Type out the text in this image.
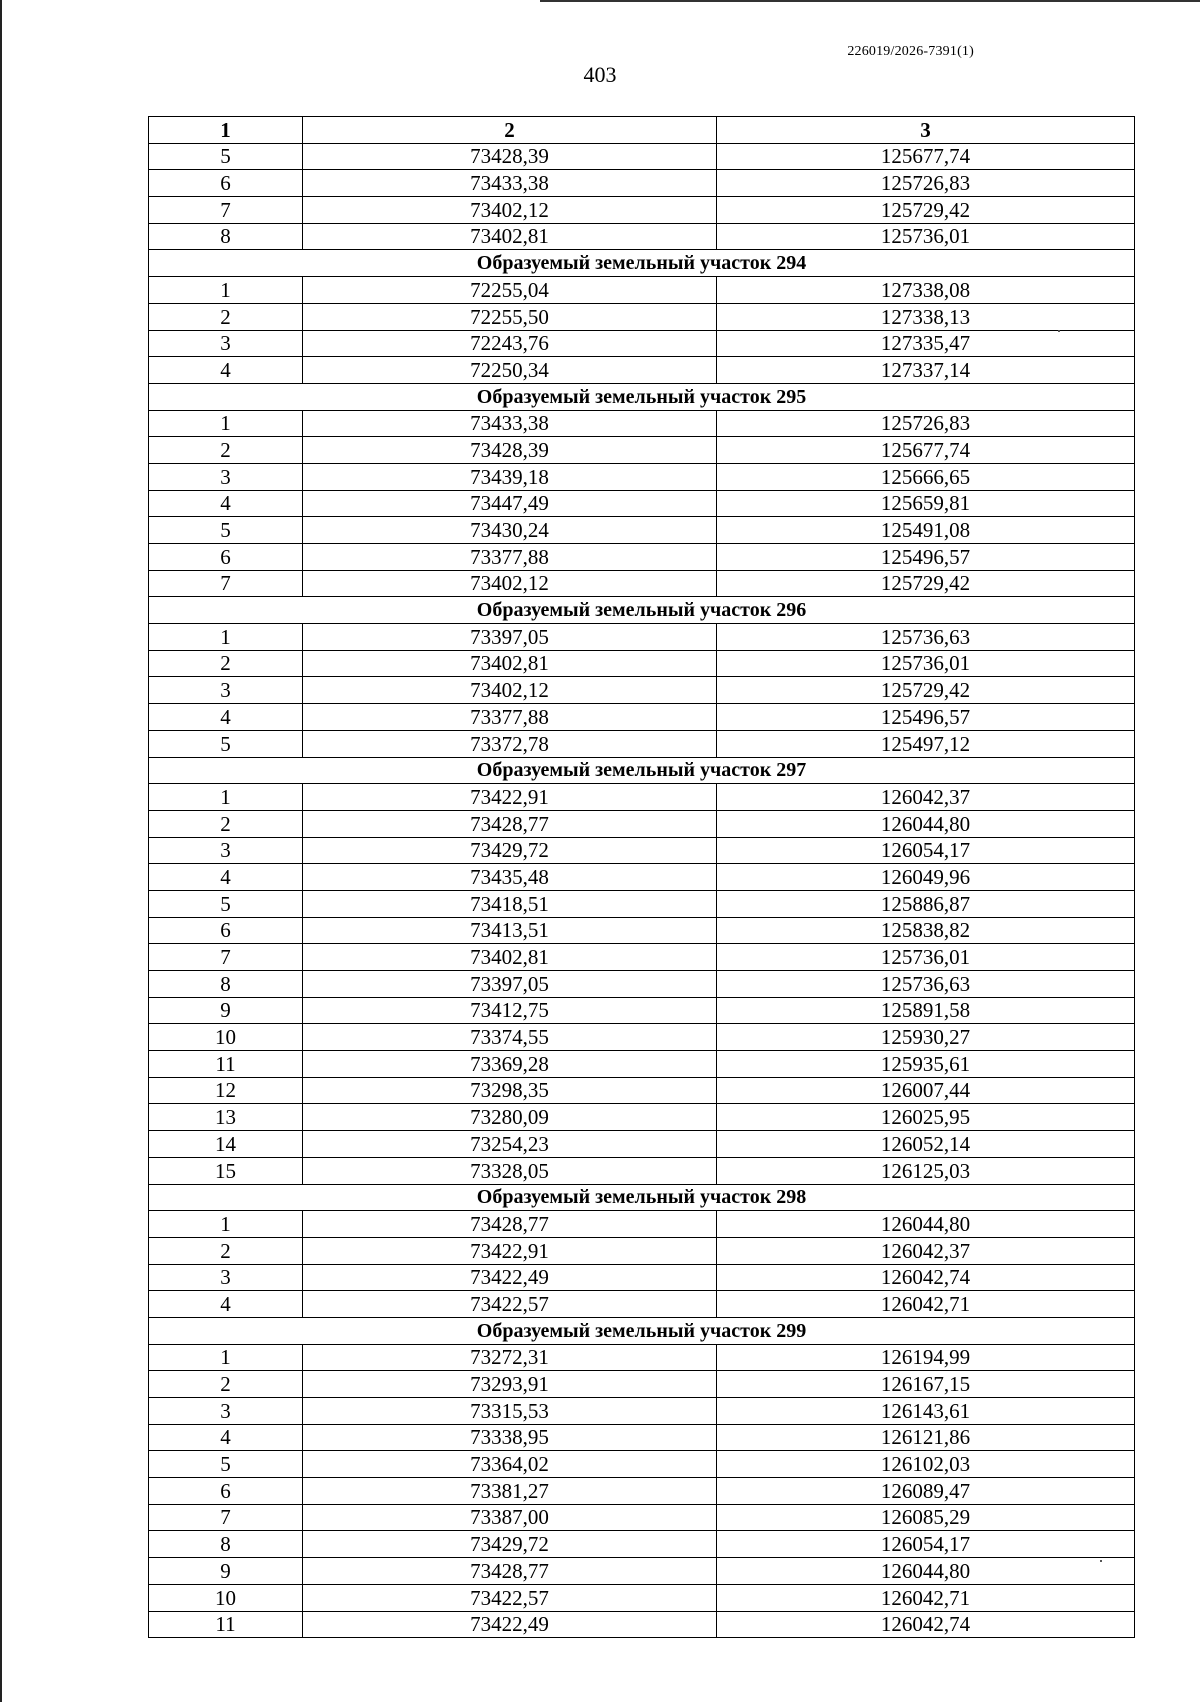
226019/2026-7391(1)
403
1	2	3
5	73428,39	125677,74
6	73433,38	125726,83
7	73402,12	125729,42
8	73402,81	125736,01
Образуемый земельный участок 294		
1	72255,04	127338,08
2	72255,50	127338,13
3	72243,76	127335,47
4	72250,34	127337,14
Образуемый земельный участок 295		
1	73433,38	125726,83
2	73428,39	125677,74
3	73439,18	125666,65
4	73447,49	125659,81
5	73430,24	125491,08
6	73377,88	125496,57
7	73402,12	125729,42
Образуемый земельный участок 296		
1	73397,05	125736,63
2	73402,81	125736,01
3	73402,12	125729,42
4	73377,88	125496,57
5	73372,78	125497,12
Образуемый земельный участок 297		
1	73422,91	126042,37
2	73428,77	126044,80
3	73429,72	126054,17
4	73435,48	126049,96
5	73418,51	125886,87
6	73413,51	125838,82
7	73402,81	125736,01
8	73397,05	125736,63
9	73412,75	125891,58
10	73374,55	125930,27
11	73369,28	125935,61
12	73298,35	126007,44
13	73280,09	126025,95
14	73254,23	126052,14
15	73328,05	126125,03
Образуемый земельный участок 298		
1	73428,77	126044,80
2	73422,91	126042,37
3	73422,49	126042,74
4	73422,57	126042,71
Образуемый земельный участок 299		
1	73272,31	126194,99
2	73293,91	126167,15
3	73315,53	126143,61
4	73338,95	126121,86
5	73364,02	126102,03
6	73381,27	126089,47
7	73387,00	126085,29
8	73429,72	126054,17
9	73428,77	126044,80
10	73422,57	126042,71
11	73422,49	126042,74
